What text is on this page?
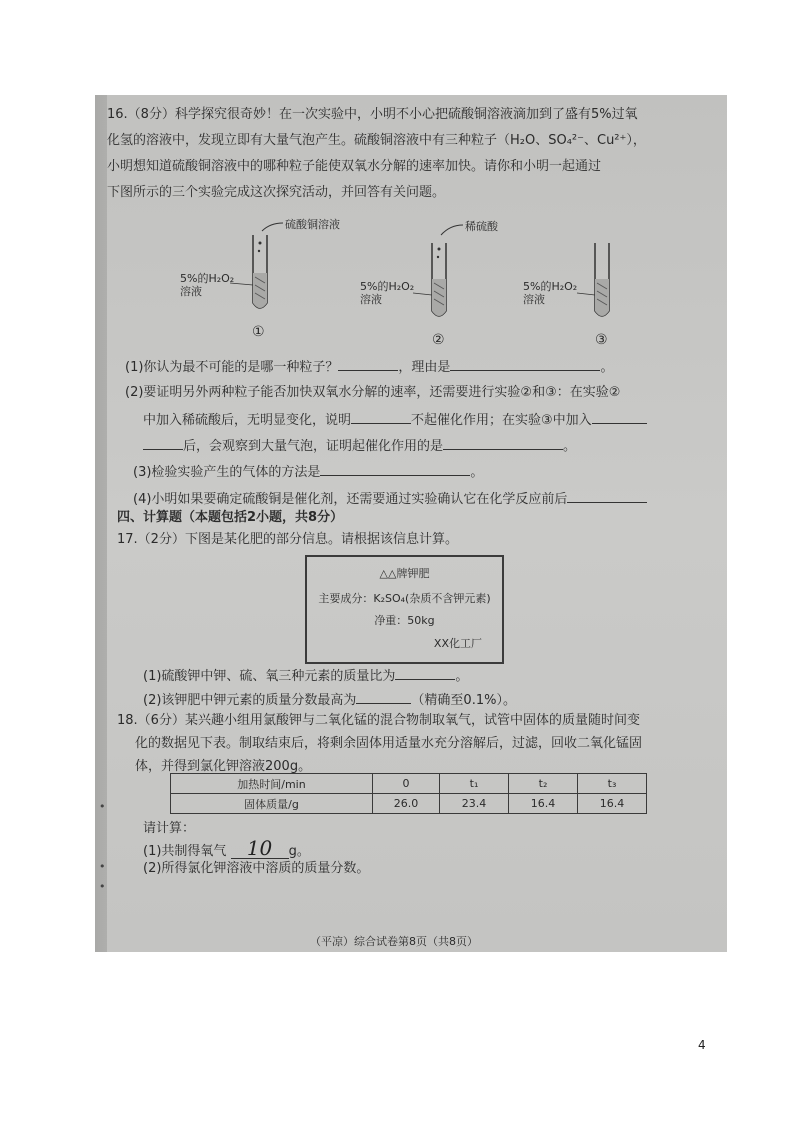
16.（8分）科学探究很奇妙！在一次实验中，小明不小心把硫酸铜溶液滴加到了盛有5%过氧
化氢的溶液中，发现立即有大量气泡产生。硫酸铜溶液中有三种粒子（H₂O、SO₄²⁻、Cu²⁺），
小明想知道硫酸铜溶液中的哪种粒子能使双氧水分解的速率加快。请你和小明一起通过
下图所示的三个实验完成这次探究活动，并回答有关问题。
硫酸铜溶液
5%的H₂O₂
溶液
①
稀硫酸
5%的H₂O₂
溶液
②
5%的H₂O₂
溶液
③
(1)你认为最不可能的是哪一种粒子？	，理由是	。
(2)要证明另外两种粒子能否加快双氧水分解的速率，还需要进行实验②和③：在实验②
中加入稀硫酸后，无明显变化，说明	不起催化作用；在实验③中加入
后，会观察到大量气泡，证明起催化作用的是	。
(3)检验实验产生的气体的方法是	。
(4)小明如果要确定硫酸铜是催化剂，还需要通过实验确认它在化学反应前后
四、计算题（本题包括2小题，共8分）
17.（2分）下图是某化肥的部分信息。请根据该信息计算。
△△牌钾肥
主要成分：K₂SO₄(杂质不含钾元素)
净重：50kg
XX化工厂
(1)硫酸钾中钾、硫、氧三种元素的质量比为	。
(2)该钾肥中钾元素的质量分数最高为	（精确至0.1%）。
18.（6分）某兴趣小组用氯酸钾与二氧化锰的混合物制取氧气，试管中固体的质量随时间变
化的数据见下表。制取结束后，将剩余固体用适量水充分溶解后，过滤，回收二氧化锰固
体，并得到氯化钾溶液200g。
加热时间/min	0	t₁	t₂	t₃
固体质量/g	26.0	23.4	16.4	16.4
请计算：
(1)共制得氧气 10 g。
(2)所得氯化钾溶液中溶质的质量分数。
•
•
•
（平凉）综合试卷第8页（共8页）
4
